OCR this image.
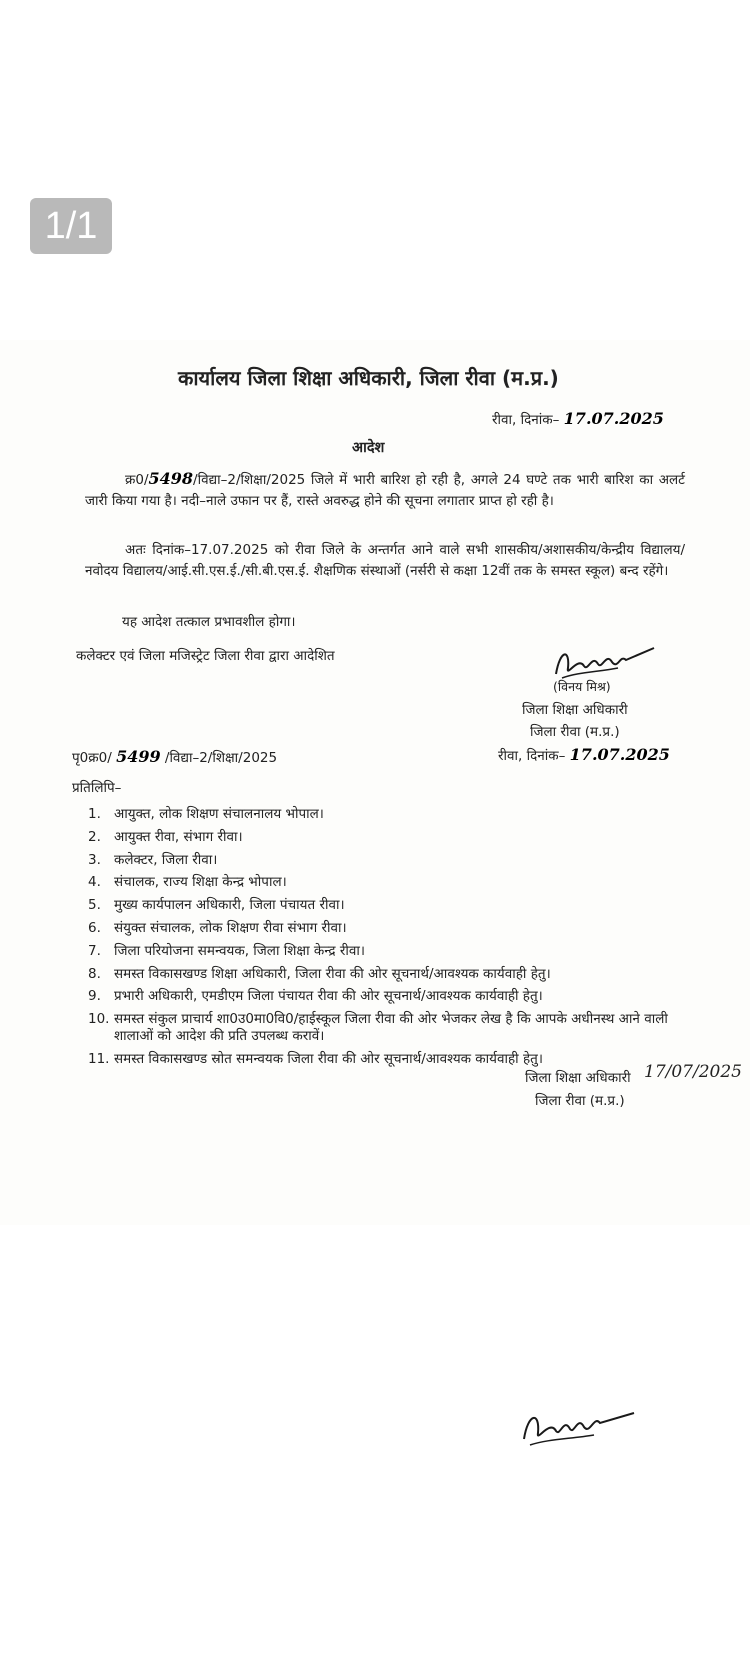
1/1
कार्यालय जिला शिक्षा अधिकारी, जिला रीवा (म.प्र.)
रीवा, दिनांक– 17.07.2025
आदेश
क्र0/5498/विद्या–2/शिक्षा/2025 जिले में भारी बारिश हो रही है, अगले 24 घण्टे तक भारी बारिश का अलर्ट जारी किया गया है। नदी–नाले उफान पर हैं, रास्ते अवरुद्ध होने की सूचना लगातार प्राप्त हो रही है।
अतः दिनांक–17.07.2025 को रीवा जिले के अन्तर्गत आने वाले सभी शासकीय/अशासकीय/केन्द्रीय विद्यालय/नवोदय विद्यालय/आई.सी.एस.ई./सी.बी.एस.ई. शैक्षणिक संस्थाओं (नर्सरी से कक्षा 12वीं तक के समस्त स्कूल) बन्द रहेंगे।
यह आदेश तत्काल प्रभावशील होगा।
कलेक्टर एवं जिला मजिस्ट्रेट जिला रीवा द्वारा आदेशित
(विनय मिश्र)
जिला शिक्षा अधिकारी
जिला रीवा (म.प्र.)
पृ0क्र0/ 5499 /विद्या–2/शिक्षा/2025	रीवा, दिनांक– 17.07.2025
प्रतिलिपि–
1. आयुक्त, लोक शिक्षण संचालनालय भोपाल।
2. आयुक्त रीवा, संभाग रीवा।
3. कलेक्टर, जिला रीवा।
4. संचालक, राज्य शिक्षा केन्द्र भोपाल।
5. मुख्य कार्यपालन अधिकारी, जिला पंचायत रीवा।
6. संयुक्त संचालक, लोक शिक्षण रीवा संभाग रीवा।
7. जिला परियोजना समन्वयक, जिला शिक्षा केन्द्र रीवा।
8. समस्त विकासखण्ड शिक्षा अधिकारी, जिला रीवा की ओर सूचनार्थ/आवश्यक कार्यवाही हेतु।
9. प्रभारी अधिकारी, एमडीएम जिला पंचायत रीवा की ओर सूचनार्थ/आवश्यक कार्यवाही हेतु।
10. समस्त संकुल प्राचार्य शा0उ0मा0वि0/हाईस्कूल जिला रीवा की ओर भेजकर लेख है कि आपके अधीनस्थ आने वाली शालाओं को आदेश की प्रति उपलब्ध करावें।
11. समस्त विकासखण्ड स्रोत समन्वयक जिला रीवा की ओर सूचनार्थ/आवश्यक कार्यवाही हेतु।
जिला शिक्षा अधिकारी
जिला रीवा (म.प्र.)
17/07/2025
